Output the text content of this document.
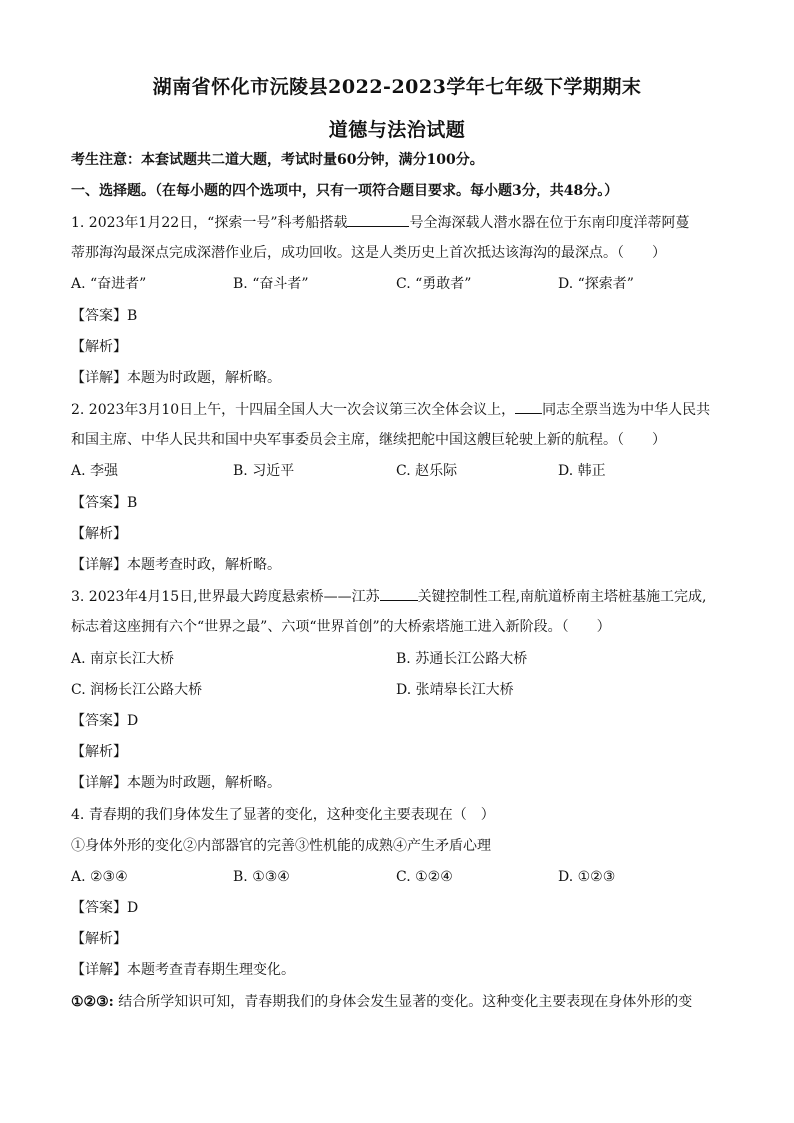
湖南省怀化市沅陵县2022-2023学年七年级下学期期末
道德与法治试题
考生注意：本套试题共二道大题，考试时量60分钟，满分100分。
一、选择题。（在每小题的四个选项中，只有一项符合题目要求。每小题3分，共48分。）
1. 2023年1月22日，“探索一号”科考船搭载	号全海深载人潜水器在位于东南印度洋蒂阿蔓
蒂那海沟最深点完成深潜作业后，成功回收。这是人类历史上首次抵达该海沟的最深点。（　　）
A. “奋进者”	B. “奋斗者”	C. “勇敢者”	D. “探索者”
【答案】B
【解析】
【详解】本题为时政题，解析略。
2. 2023年3月10日上午，十四届全国人大一次会议第三次全体会议上， 同志全票当选为中华人民共
和国主席、中华人民共和国中央军事委员会主席，继续把舵中国这艘巨轮驶上新的航程。（　　）
A. 李强	B. 习近平	C. 赵乐际	D. 韩正
【答案】B
【解析】
【详解】本题考查时政，解析略。
3. 2023年4月15日,世界最大跨度悬索桥——江苏	关键控制性工程,南航道桥南主塔桩基施工完成,
标志着这座拥有六个“世界之最”、六项“世界首创”的大桥索塔施工进入新阶段。（　　）
A. 南京长江大桥	B. 苏通长江公路大桥
C. 润杨长江公路大桥	D. 张靖皋长江大桥
【答案】D
【解析】
【详解】本题为时政题，解析略。
4. 青春期的我们身体发生了显著的变化，这种变化主要表现在（　）
①身体外形的变化②内部器官的完善③性机能的成熟④产生矛盾心理
A. ②③④	B. ①③④	C. ①②④	D. ①②③
【答案】D
【解析】
【详解】本题考查青春期生理变化。
①②③: 结合所学知识可知，青春期我们的身体会发生显著的变化。这种变化主要表现在身体外形的变
